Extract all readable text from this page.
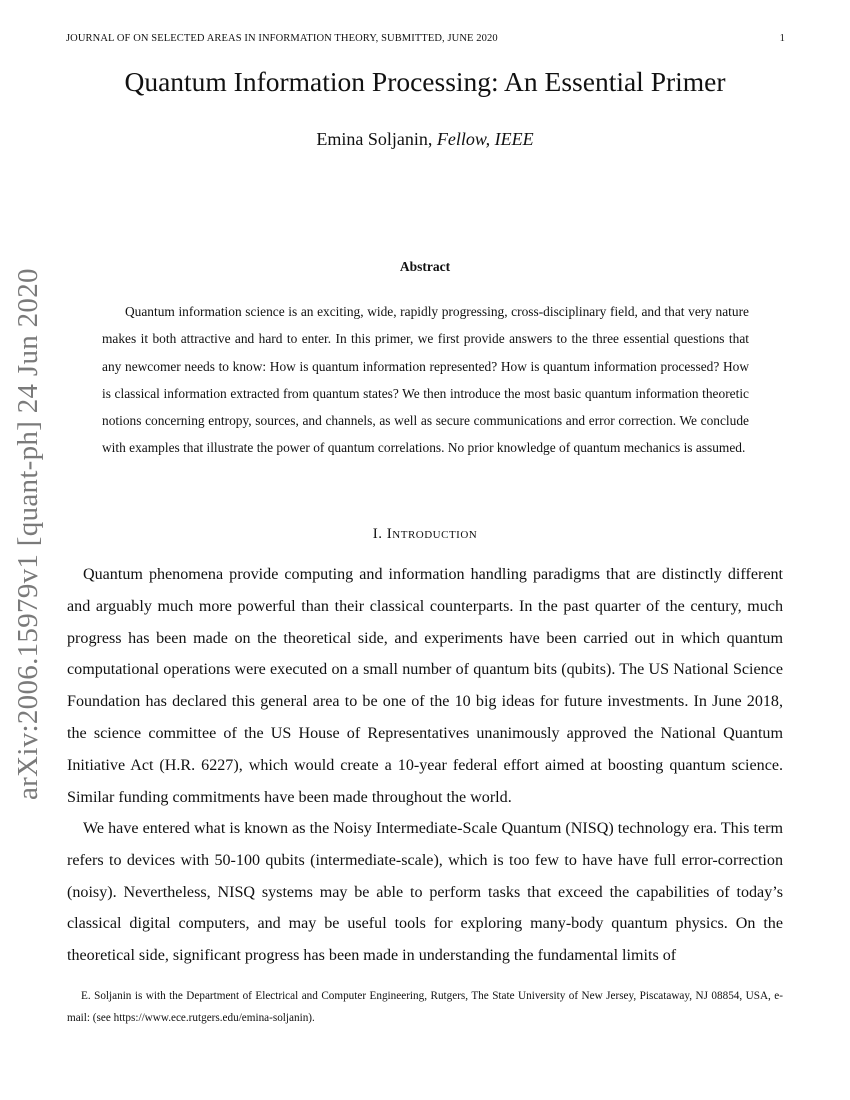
JOURNAL OF ON SELECTED AREAS IN INFORMATION THEORY, SUBMITTED, JUNE 2020	1
Quantum Information Processing: An Essential Primer
Emina Soljanin, Fellow, IEEE
Abstract

Quantum information science is an exciting, wide, rapidly progressing, cross-disciplinary field, and that very nature makes it both attractive and hard to enter. In this primer, we first provide answers to the three essential questions that any newcomer needs to know: How is quantum information represented? How is quantum information processed? How is classical information extracted from quantum states? We then introduce the most basic quantum information theoretic notions concerning entropy, sources, and channels, as well as secure communications and error correction. We conclude with examples that illustrate the power of quantum correlations. No prior knowledge of quantum mechanics is assumed.

arXiv:2006.15979v1 [quant-ph] 24 Jun 2020	I. Introduction

Quantum phenomena provide computing and information handling paradigms that are distinctly different and arguably much more powerful than their classical counterparts. In the past quarter of the century, much progress has been made on the theoretical side, and experiments have been carried out in which quantum computational operations were executed on a small number of quantum bits (qubits). The US National Science Foundation has declared this general area to be one of the 10 big ideas for future investments. In June 2018, the science committee of the US House of Representatives unanimously approved the National Quantum Initiative Act (H.R. 6227), which would create a 10-year federal effort aimed at boosting quantum science. Similar funding commitments have been made throughout the world.

We have entered what is known as the Noisy Intermediate-Scale Quantum (NISQ) technology era. This term refers to devices with 50-100 qubits (intermediate-scale), which is too few to have have full error-correction (noisy). Nevertheless, NISQ systems may be able to perform tasks that exceed the capabilities of today’s classical digital computers, and may be useful tools for exploring many-body quantum physics. On the theoretical side, significant progress has been made in understanding the fundamental limits of

E. Soljanin is with the Department of Electrical and Computer Engineering, Rutgers, The State University of New Jersey, Piscataway, NJ 08854, USA, e-mail: (see https://www.ece.rutgers.edu/emina-soljanin).
